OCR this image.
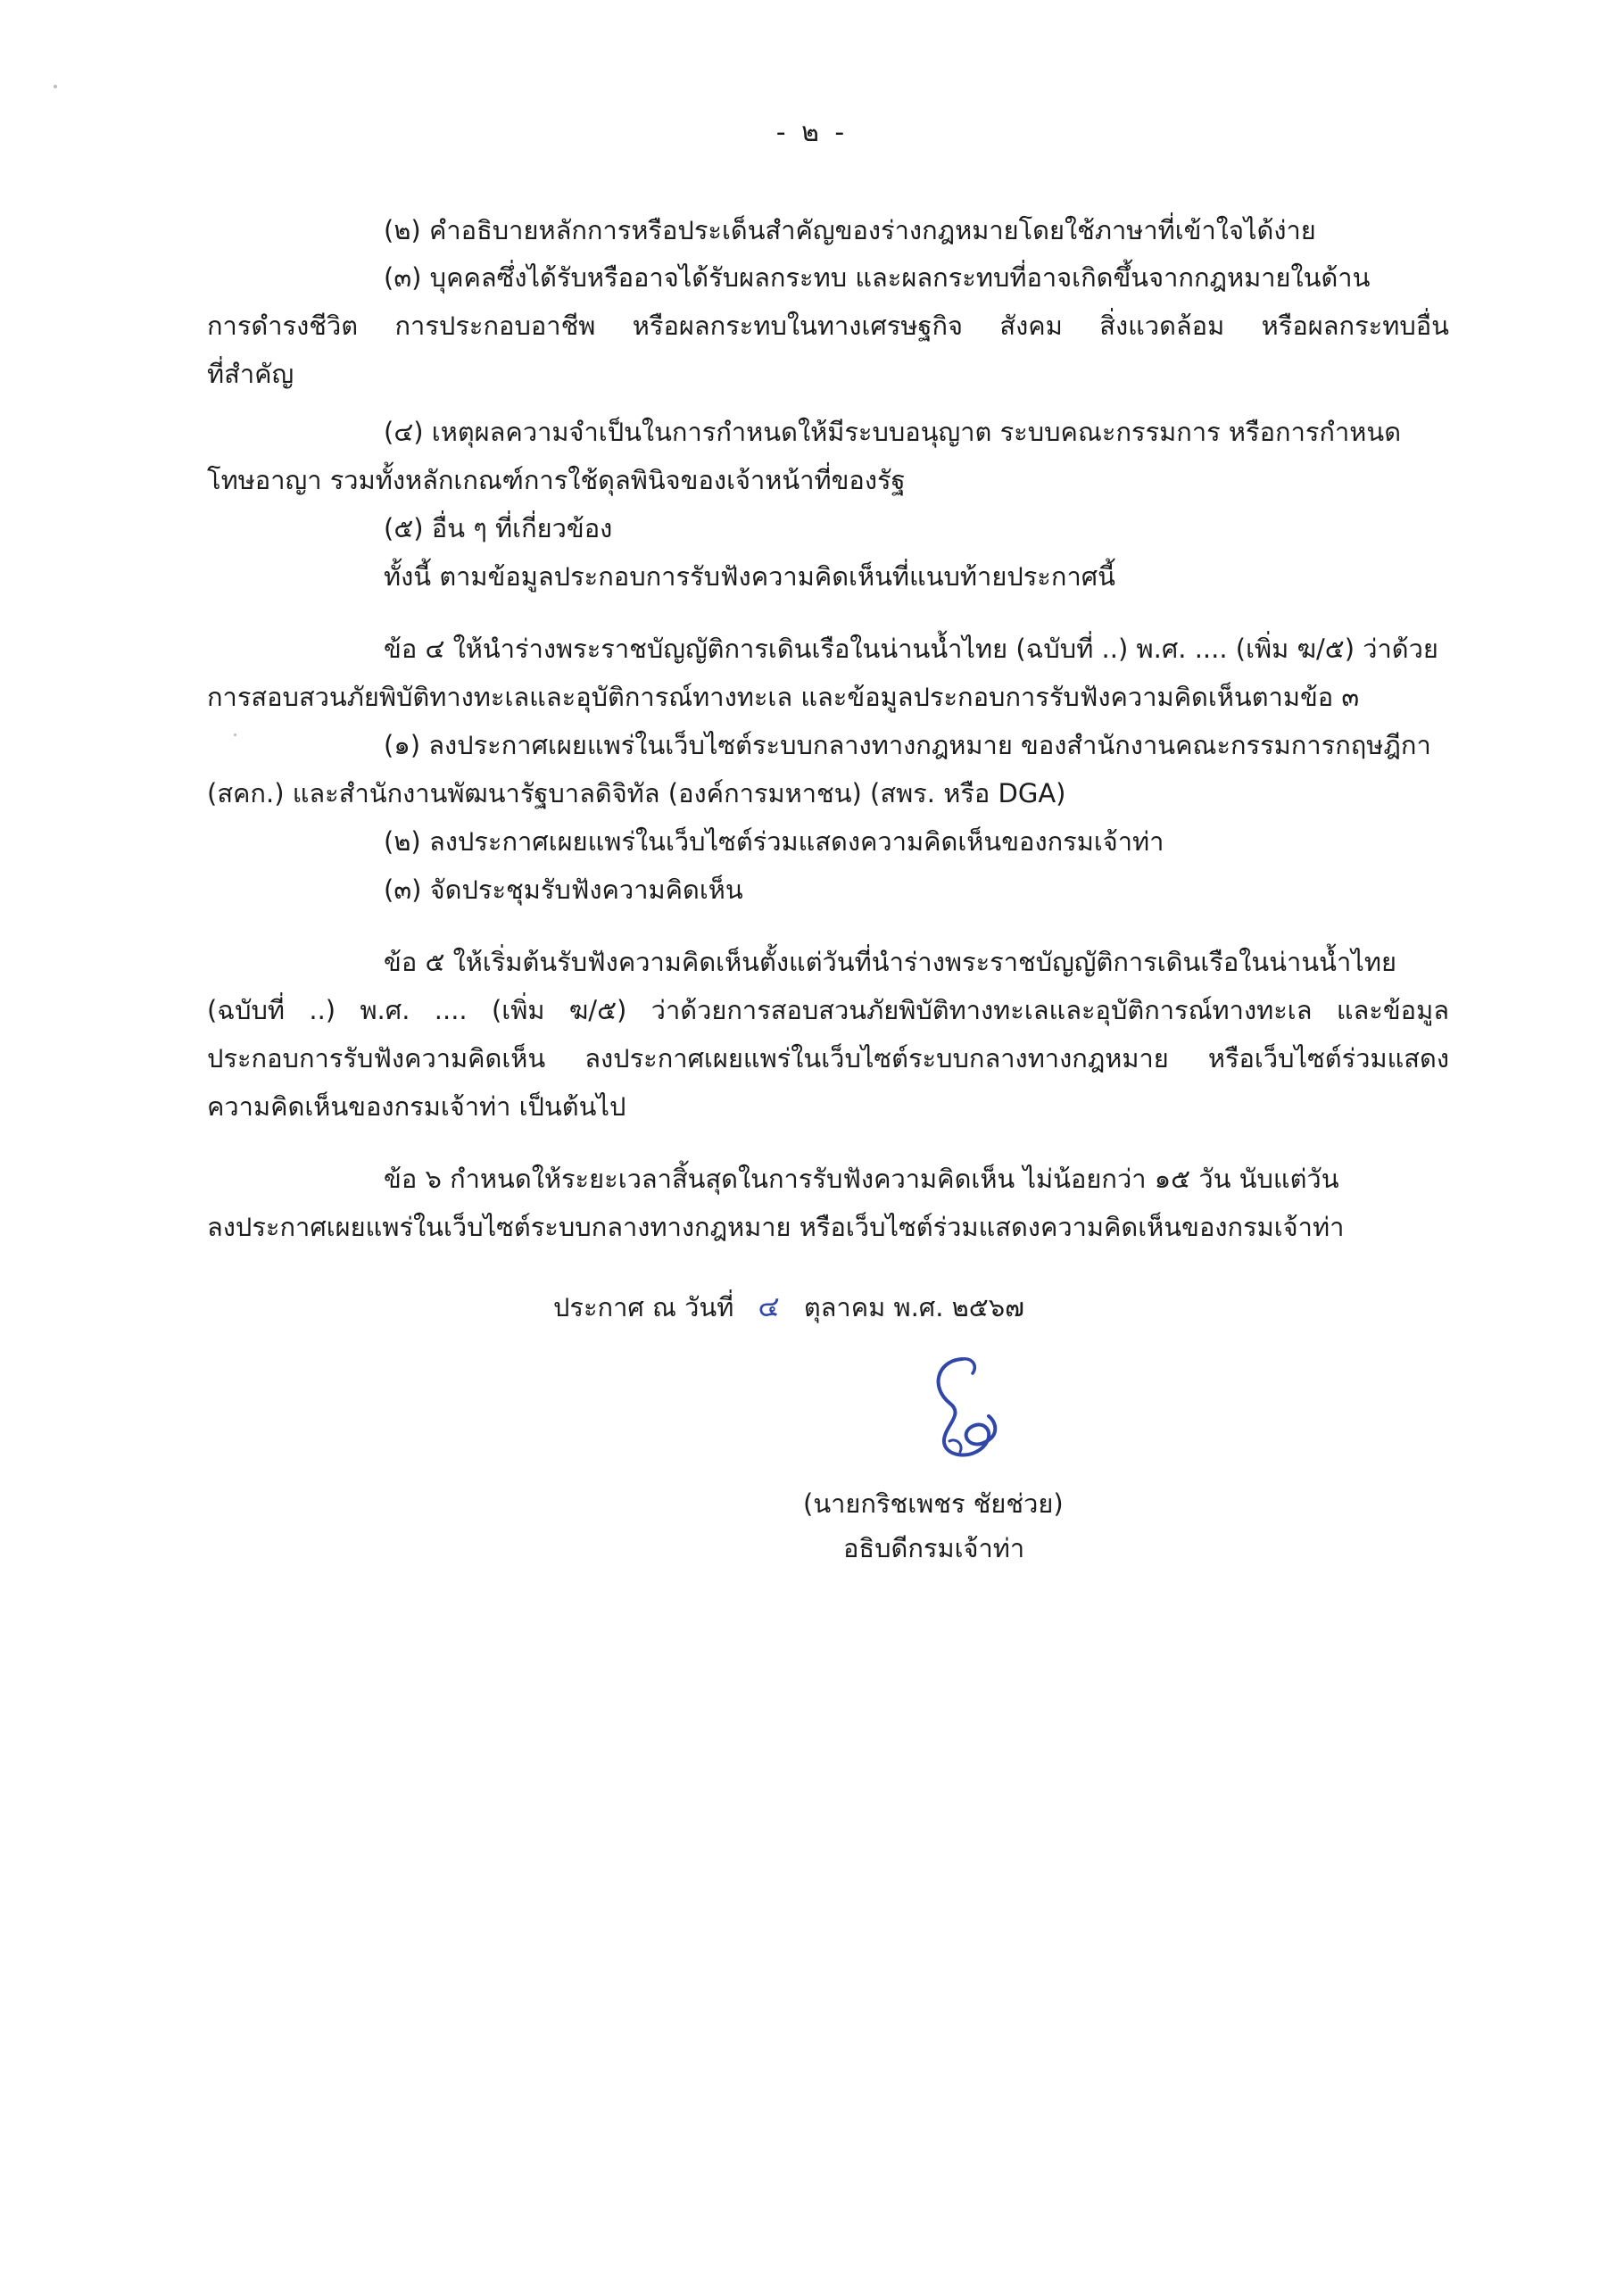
- ๒ -
(๒) คำอธิบายหลักการหรือประเด็นสำคัญของร่างกฎหมายโดยใช้ภาษาที่เข้าใจได้ง่าย
(๓) บุคคลซึ่งได้รับหรืออาจได้รับผลกระทบ และผลกระทบที่อาจเกิดขึ้นจากกฎหมายในด้าน
การดำรงชีวิต การประกอบอาชีพ หรือผลกระทบในทางเศรษฐกิจ สังคม สิ่งแวดล้อม หรือผลกระทบอื่น
ที่สำคัญ
(๔) เหตุผลความจำเป็นในการกำหนดให้มีระบบอนุญาต ระบบคณะกรรมการ หรือการกำหนด
โทษอาญา รวมทั้งหลักเกณฑ์การใช้ดุลพินิจของเจ้าหน้าที่ของรัฐ
(๕) อื่น ๆ ที่เกี่ยวข้อง
ทั้งนี้ ตามข้อมูลประกอบการรับฟังความคิดเห็นที่แนบท้ายประกาศนี้
ข้อ ๔ ให้นำร่างพระราชบัญญัติการเดินเรือในน่านน้ำไทย (ฉบับที่ ..) พ.ศ. .... (เพิ่ม ฆ/๕) ว่าด้วย
การสอบสวนภัยพิบัติทางทะเลและอุบัติการณ์ทางทะเล และข้อมูลประกอบการรับฟังความคิดเห็นตามข้อ ๓
(๑) ลงประกาศเผยแพร่ในเว็บไซต์ระบบกลางทางกฎหมาย ของสำนักงานคณะกรรมการกฤษฎีกา
(สคก.) และสำนักงานพัฒนารัฐบาลดิจิทัล (องค์การมหาชน) (สพร. หรือ DGA)
(๒) ลงประกาศเผยแพร่ในเว็บไซต์ร่วมแสดงความคิดเห็นของกรมเจ้าท่า
(๓) จัดประชุมรับฟังความคิดเห็น
ข้อ ๕ ให้เริ่มต้นรับฟังความคิดเห็นตั้งแต่วันที่นำร่างพระราชบัญญัติการเดินเรือในน่านน้ำไทย
(ฉบับที่ ..) พ.ศ. .... (เพิ่ม ฆ/๕) ว่าด้วยการสอบสวนภัยพิบัติทางทะเลและอุบัติการณ์ทางทะเล และข้อมูล
ประกอบการรับฟังความคิดเห็น ลงประกาศเผยแพร่ในเว็บไซต์ระบบกลางทางกฎหมาย หรือเว็บไซต์ร่วมแสดง
ความคิดเห็นของกรมเจ้าท่า เป็นต้นไป
ข้อ ๖ กำหนดให้ระยะเวลาสิ้นสุดในการรับฟังความคิดเห็น ไม่น้อยกว่า ๑๕ วัน นับแต่วัน
ลงประกาศเผยแพร่ในเว็บไซต์ระบบกลางทางกฎหมาย หรือเว็บไซต์ร่วมแสดงความคิดเห็นของกรมเจ้าท่า
ประกาศ ณ วันที่ ๔ ตุลาคม พ.ศ. ๒๕๖๗
(นายกริชเพชร ชัยช่วย)
อธิบดีกรมเจ้าท่า
